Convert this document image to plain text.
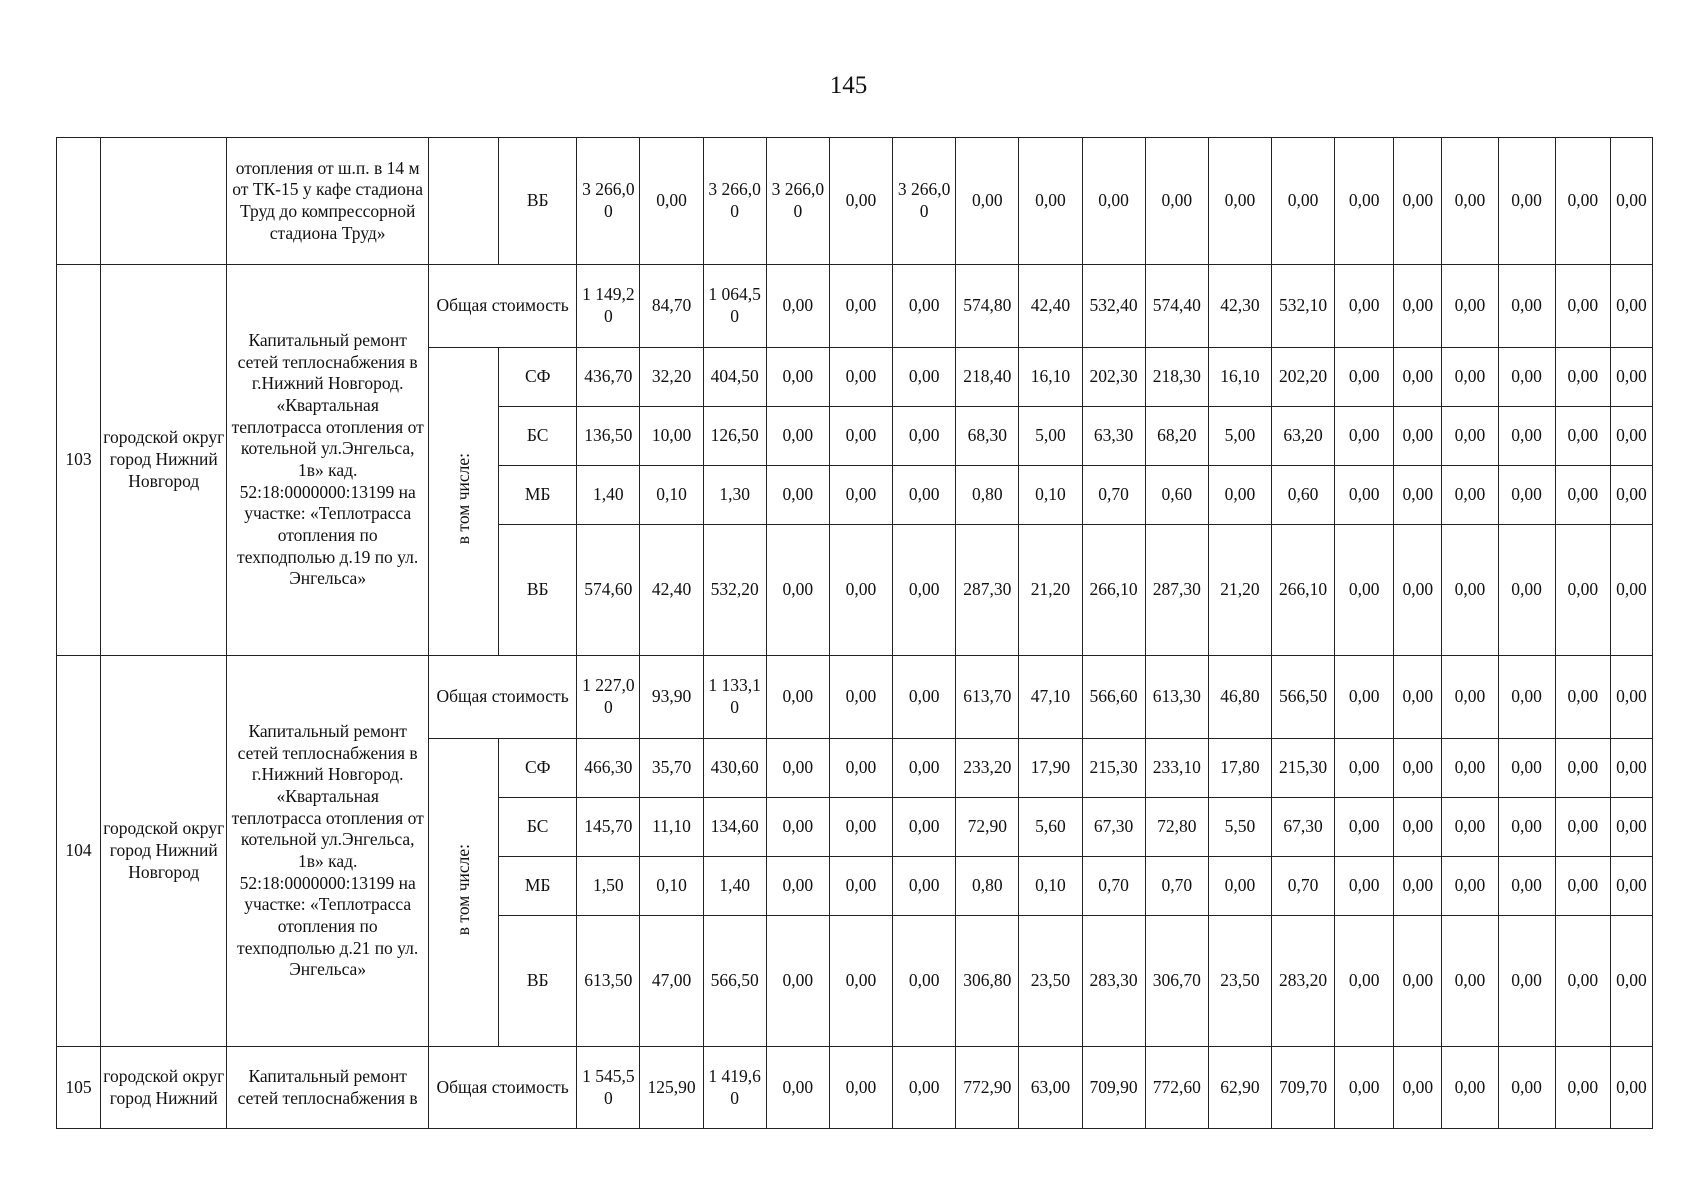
145
		отопления от ш.п. в 14 м от ТК-15 у кафе стадиона Труд до компрессорной стадиона Труд»		ВБ	3 266,00	0,00	3 266,00	3 266,00	0,00	3 266,00	0,00	0,00	0,00	0,00	0,00	0,00	0,00	0,00	0,00	0,00	0,00	0,00
103	городской округ город Нижний Новгород	Капитальный ремонт сетей теплоснабжения в г.Нижний Новгород. «Квартальная теплотрасса отопления от котельной ул.Энгельса, 1в» кад. 52:18:0000000:13199 на участке: «Теплотрасса отопления по техподполью д.19 по ул. Энгельса»	Общая стоимость		1 149,20	84,70	1 064,50	0,00	0,00	0,00	574,80	42,40	532,40	574,40	42,30	532,10	0,00	0,00	0,00	0,00	0,00	0,00
			в том числе:	СФ	436,70	32,20	404,50	0,00	0,00	0,00	218,40	16,10	202,30	218,30	16,10	202,20	0,00	0,00	0,00	0,00	0,00	0,00
				БС	136,50	10,00	126,50	0,00	0,00	0,00	68,30	5,00	63,30	68,20	5,00	63,20	0,00	0,00	0,00	0,00	0,00	0,00
				МБ	1,40	0,10	1,30	0,00	0,00	0,00	0,80	0,10	0,70	0,60	0,00	0,60	0,00	0,00	0,00	0,00	0,00	0,00
				ВБ	574,60	42,40	532,20	0,00	0,00	0,00	287,30	21,20	266,10	287,30	21,20	266,10	0,00	0,00	0,00	0,00	0,00	0,00
104	городской округ город Нижний Новгород	Капитальный ремонт сетей теплоснабжения в г.Нижний Новгород. «Квартальная теплотрасса отопления от котельной ул.Энгельса, 1в» кад. 52:18:0000000:13199 на участке: «Теплотрасса отопления по техподполью д.21 по ул. Энгельса»	Общая стоимость		1 227,00	93,90	1 133,10	0,00	0,00	0,00	613,70	47,10	566,60	613,30	46,80	566,50	0,00	0,00	0,00	0,00	0,00	0,00
			в том числе:	СФ	466,30	35,70	430,60	0,00	0,00	0,00	233,20	17,90	215,30	233,10	17,80	215,30	0,00	0,00	0,00	0,00	0,00	0,00
				БС	145,70	11,10	134,60	0,00	0,00	0,00	72,90	5,60	67,30	72,80	5,50	67,30	0,00	0,00	0,00	0,00	0,00	0,00
				МБ	1,50	0,10	1,40	0,00	0,00	0,00	0,80	0,10	0,70	0,70	0,00	0,70	0,00	0,00	0,00	0,00	0,00	0,00
				ВБ	613,50	47,00	566,50	0,00	0,00	0,00	306,80	23,50	283,30	306,70	23,50	283,20	0,00	0,00	0,00	0,00	0,00	0,00
105	городской округ город Нижний	Капитальный ремонт сетей теплоснабжения в	Общая стоимость		1 545,50	125,90	1 419,60	0,00	0,00	0,00	772,90	63,00	709,90	772,60	62,90	709,70	0,00	0,00	0,00	0,00	0,00	0,00
